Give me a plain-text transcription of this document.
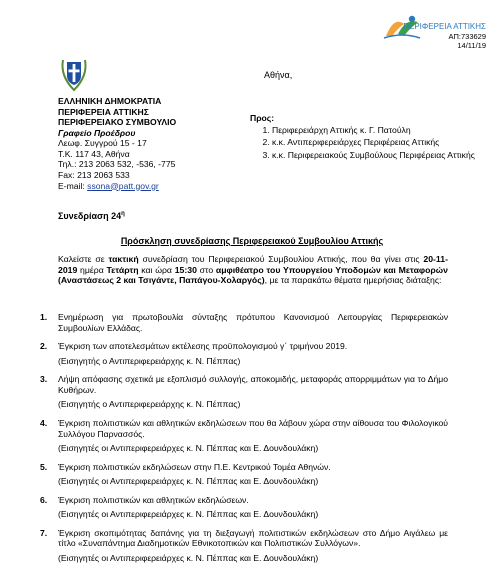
ΠΕΡΙΦΕΡΕΙΑ ΑΤΤΙΚΗΣ
ΑΠ:733629
14/11/19
ΕΛΛΗΝΙΚΗ ΔΗΜΟΚΡΑΤΙΑ
ΠΕΡΙΦΕΡΕΙΑ ΑΤΤΙΚΗΣ
ΠΕΡΙΦΕΡΕΙΑΚΟ ΣΥΜΒΟΥΛΙΟ
Γραφείο Προέδρου
Λεωφ. Συγγρού 15 - 17
Τ.Κ. 117 43, Αθήνα
Τηλ.: 213 2063 532, -536, -775
Fax: 213 2063 533
E-mail: ssona@patt.gov.gr
Αθήνα,
Προς:
1. Περιφερειάρχη Αττικής κ. Γ. Πατούλη
2. κ.κ. Αντιπεριφερειάρχες Περιφέρειας Αττικής
3. κ.κ. Περιφερειακούς Συμβούλους Περιφέρειας Αττικής
Συνεδρίαση $24^\eta$
Πρόσκληση συνεδρίασης Περιφερειακού Συμβουλίου Αττικής
Καλείστε σε τακτική συνεδρίαση του Περιφερειακού Συμβουλίου Αττικής, που θα γίνει στις 20-11-2019 ημέρα Τετάρτη και ώρα 15:30 στο αμφιθέατρο του Υπουργείου Υποδομών και Μεταφορών (Αναστάσεως 2 και Τσιγάντε, Παπάγου-Χολαργός), με τα παρακάτω θέματα ημερήσιας διάταξης:
1. Ενημέρωση για πρωτοβουλία σύνταξης πρότυπου Κανονισμού Λειτουργίας Περιφερειακών Συμβουλίων Ελλάδας.
2. Έγκριση των αποτελεσμάτων εκτέλεσης προϋπολογισμού γ΄ τριμήνου 2019.
(Εισηγητής ο Αντιπεριφερειάρχης κ. Ν. Πέππας)
3. Λήψη απόφασης σχετικά με εξοπλισμό συλλογής, αποκομιδής, μεταφοράς απορριμμάτων για το Δήμο Κυθήρων.
(Εισηγητής ο Αντιπεριφερειάρχης κ. Ν. Πέππας)
4. Έγκριση πολιτιστικών και αθλητικών εκδηλώσεων που θα λάβουν χώρα στην αίθουσα του Φιλολογικού Συλλόγου Παρνασσός.
(Εισηγητές οι Αντιπεριφερειάρχες κ. Ν. Πέππας και Ε. Δουνδουλάκη)
5. Έγκριση πολιτιστικών εκδηλώσεων στην Π.Ε. Κεντρικού Τομέα Αθηνών.
(Εισηγητές οι Αντιπεριφερειάρχες κ. Ν. Πέππας και Ε. Δουνδουλάκη)
6. Έγκριση πολιτιστικών και αθλητικών εκδηλώσεων.
(Εισηγητές οι Αντιπεριφερειάρχες κ. Ν. Πέππας και Ε. Δουνδουλάκη)
7. Έγκριση σκοπιμότητας δαπάνης για τη διεξαγωγή πολιτιστικών εκδηλώσεων στο Δήμο Αιγάλεω με τίτλο «Συναπάντημα Διαδημοτικών Εθνικοτοπικών και Πολιτιστικών Συλλόγων».
(Εισηγητές οι Αντιπεριφερειάρχες κ. Ν. Πέππας και Ε. Δουνδουλάκη)
